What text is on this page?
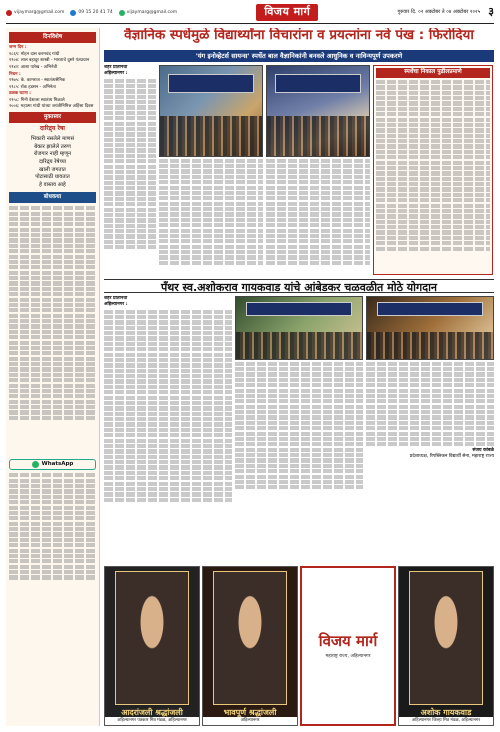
vijaymarg@gmail.com	09 15 20 41 74	vijaymarg@gmail.com	विजय मार्ग	गुरुवार दि. ०२ अक्टोबर ते ०४ अक्टोबर २०२५ ३
दिनविशेष

जन्म दिन :

१८६९: मोहन दास करमचंद गांधी

१९०४: लाल बहादुर शास्त्री - भारताचे दुसरे पंतप्रधान

१९४२: आशा पारेख - अभिनेत्री

निधन :

१९७५: के. कामराज - स्वातंत्र्यसैनिक

१९८५: रॉक हडसन - अभिनेता

ठळक घटना :

१९५८: गिनी देशाला स्वातंत्र्य मिळाले

२००६: महात्मा गांधी यांच्या जयंतीनिमित्त अहिंसा दिवस

मुक्तस्वर
दारिद्र्य रेषा
भिकारी नसलेले माणसं
बेकार झालेले तरुण
रोजगार नाही म्हणून
दारिद्र्य रेषेच्या
खाली जगतात
पोटासाठी धावतात
हे वास्तव आहे
बोधकथा
WhatsApp
वैज्ञानिक स्पर्धेमुळे विद्यार्थ्यांना विचारांना व प्रयत्नांना नवे पंख : फिरोदिया
'यंग इनोव्हेटर्स सायन्स' स्पर्धेत बाल वैज्ञानिकांनी बनवले आधुनिक व नाविन्यपूर्ण उपकरणे
शहर प्रतिनिधी
अहिल्यानगर :	स्पर्धेचा निकाल पुढीलप्रमाणे
पँथर स्व.अशोकराव गायकवाड यांचे आंबेडकर चळवळीत मोठे योगदान
शहर प्रतिनिधी
अहिल्यानगर :
संजय कांबळे
प्रदेशाध्यक्ष, रिपब्लिकन विद्यार्थी सेना, महाराष्ट्र राज्य
आदरांजली श्रद्धांजली
अहिल्यानगर पत्रकार मित्र मंडळ, अहिल्यानगर
भावपूर्ण श्रद्धांजली
अहिल्यानगर
विजय मार्ग
महाराष्ट्र राज्य, अहिल्यानगर
अशोक गायकवाड
अहिल्यानगर जिल्हा मित्र मंडळ, अहिल्यानगर
